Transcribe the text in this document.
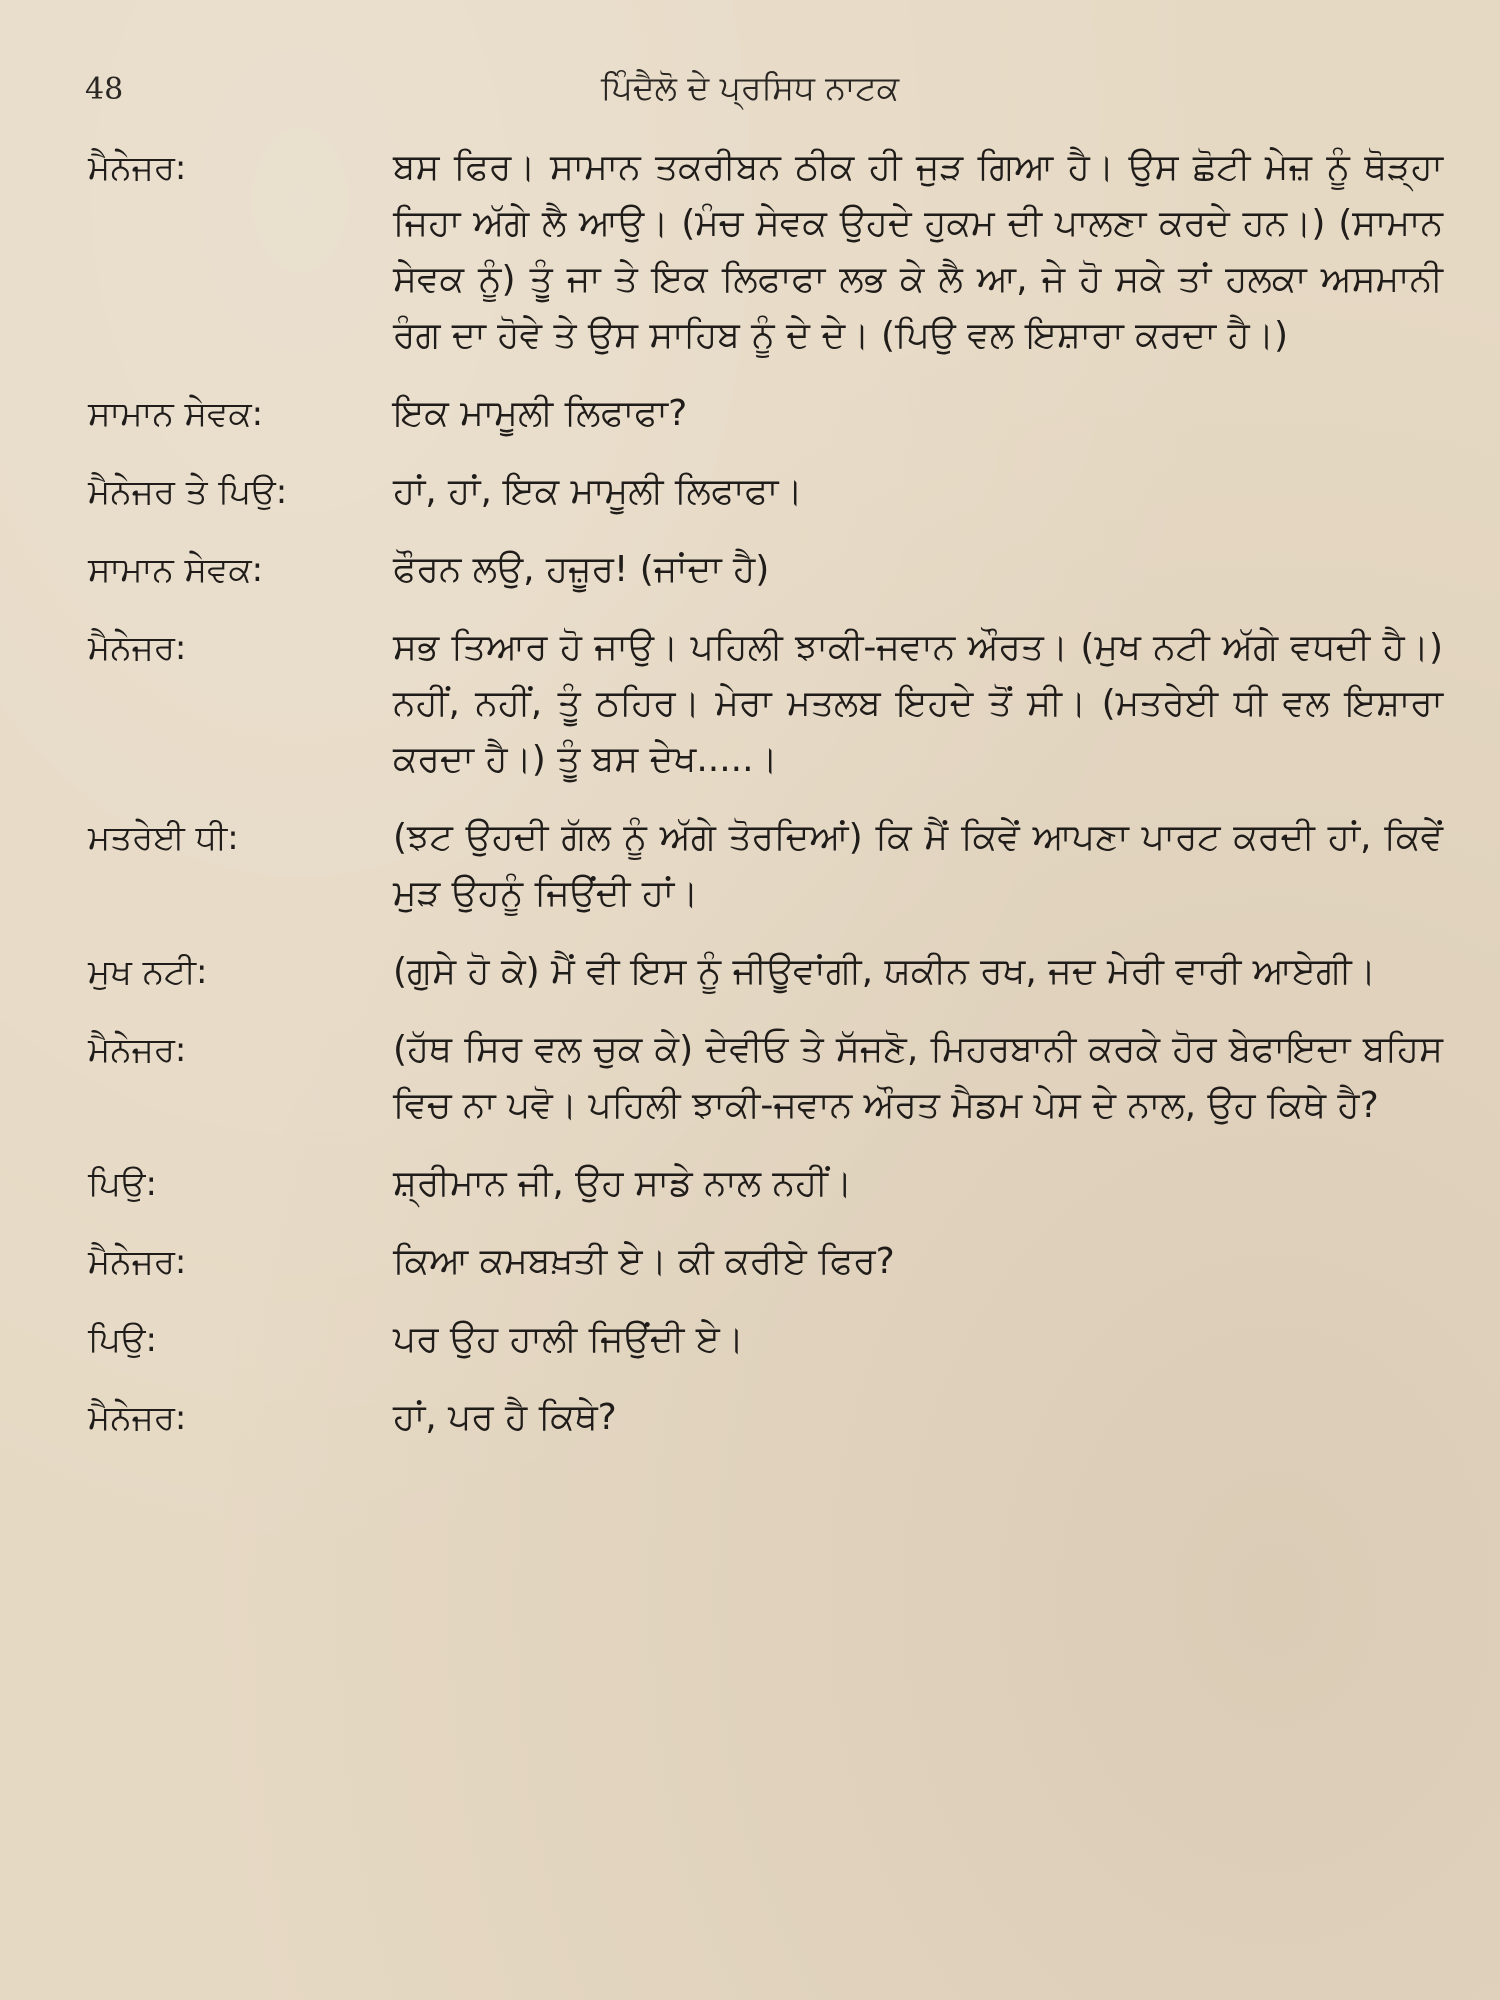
48	ਪਿੰਦੈਲੋ ਦੇ ਪ੍ਰਸਿਧ ਨਾਟਕ
ਮੈਨੇਜਰ:	ਬਸ ਫਿਰ। ਸਾਮਾਨ ਤਕਰੀਬਨ ਠੀਕ ਹੀ ਜੁੜ ਗਿਆ ਹੈ। ਉਸ ਛੋਟੀ ਮੇਜ਼ ਨੂੰ ਥੋੜ੍ਹਾ ਜਿਹਾ ਅੱਗੇ ਲੈ ਆਉ। (ਮੰਚ ਸੇਵਕ ਉਹਦੇ ਹੁਕਮ ਦੀ ਪਾਲਣਾ ਕਰਦੇ ਹਨ।) (ਸਾਮਾਨ ਸੇਵਕ ਨੂੰ) ਤੂੰ ਜਾ ਤੇ ਇਕ ਲਿਫਾਫਾ ਲਭ ਕੇ ਲੈ ਆ, ਜੇ ਹੋ ਸਕੇ ਤਾਂ ਹਲਕਾ ਅਸਮਾਨੀ ਰੰਗ ਦਾ ਹੋਵੇ ਤੇ ਉਸ ਸਾਹਿਬ ਨੂੰ ਦੇ ਦੇ। (ਪਿਉ ਵਲ ਇਸ਼ਾਰਾ ਕਰਦਾ ਹੈ।)
ਸਾਮਾਨ ਸੇਵਕ:	ਇਕ ਮਾਮੂਲੀ ਲਿਫਾਫਾ?
ਮੈਨੇਜਰ ਤੇ ਪਿਉ:	ਹਾਂ, ਹਾਂ, ਇਕ ਮਾਮੂਲੀ ਲਿਫਾਫਾ।
ਸਾਮਾਨ ਸੇਵਕ:	ਫੌਰਨ ਲਉ, ਹਜ਼ੂਰ! (ਜਾਂਦਾ ਹੈ)
ਮੈਨੇਜਰ:	ਸਭ ਤਿਆਰ ਹੋ ਜਾਉ। ਪਹਿਲੀ ਝਾਕੀ-ਜਵਾਨ ਔਰਤ। (ਮੁਖ ਨਟੀ ਅੱਗੇ ਵਧਦੀ ਹੈ।) ਨਹੀਂ, ਨਹੀਂ, ਤੂੰ ਠਹਿਰ। ਮੇਰਾ ਮਤਲਬ ਇਹਦੇ ਤੋਂ ਸੀ। (ਮਤਰੇਈ ਧੀ ਵਲ ਇਸ਼ਾਰਾ ਕਰਦਾ ਹੈ।) ਤੂੰ ਬਸ ਦੇਖ.....।
ਮਤਰੇਈ ਧੀ:	(ਝਟ ਉਹਦੀ ਗੱਲ ਨੂੰ ਅੱਗੇ ਤੋਰਦਿਆਂ) ਕਿ ਮੈਂ ਕਿਵੇਂ ਆਪਣਾ ਪਾਰਟ ਕਰਦੀ ਹਾਂ, ਕਿਵੇਂ ਮੁੜ ਉਹਨੂੰ ਜਿਉਂਦੀ ਹਾਂ।
ਮੁਖ ਨਟੀ:	(ਗੁਸੇ ਹੋ ਕੇ) ਮੈਂ ਵੀ ਇਸ ਨੂੰ ਜੀਊਵਾਂਗੀ, ਯਕੀਨ ਰਖ, ਜਦ ਮੇਰੀ ਵਾਰੀ ਆਏਗੀ।
ਮੈਨੇਜਰ:	(ਹੱਥ ਸਿਰ ਵਲ ਚੁਕ ਕੇ) ਦੇਵੀਓ ਤੇ ਸੱਜਣੋ, ਮਿਹਰਬਾਨੀ ਕਰਕੇ ਹੋਰ ਬੇਫਾਇਦਾ ਬਹਿਸ ਵਿਚ ਨਾ ਪਵੋ। ਪਹਿਲੀ ਝਾਕੀ-ਜਵਾਨ ਔਰਤ ਮੈਡਮ ਪੇਸ ਦੇ ਨਾਲ, ਉਹ ਕਿਥੇ ਹੈ?
ਪਿਉ:	ਸ਼੍ਰੀਮਾਨ ਜੀ, ਉਹ ਸਾਡੇ ਨਾਲ ਨਹੀਂ।
ਮੈਨੇਜਰ:	ਕਿਆ ਕਮਬਖ਼ਤੀ ਏ। ਕੀ ਕਰੀਏ ਫਿਰ?
ਪਿਉ:	ਪਰ ਉਹ ਹਾਲੀ ਜਿਉਂਦੀ ਏ।
ਮੈਨੇਜਰ:	ਹਾਂ, ਪਰ ਹੈ ਕਿਥੇ?
